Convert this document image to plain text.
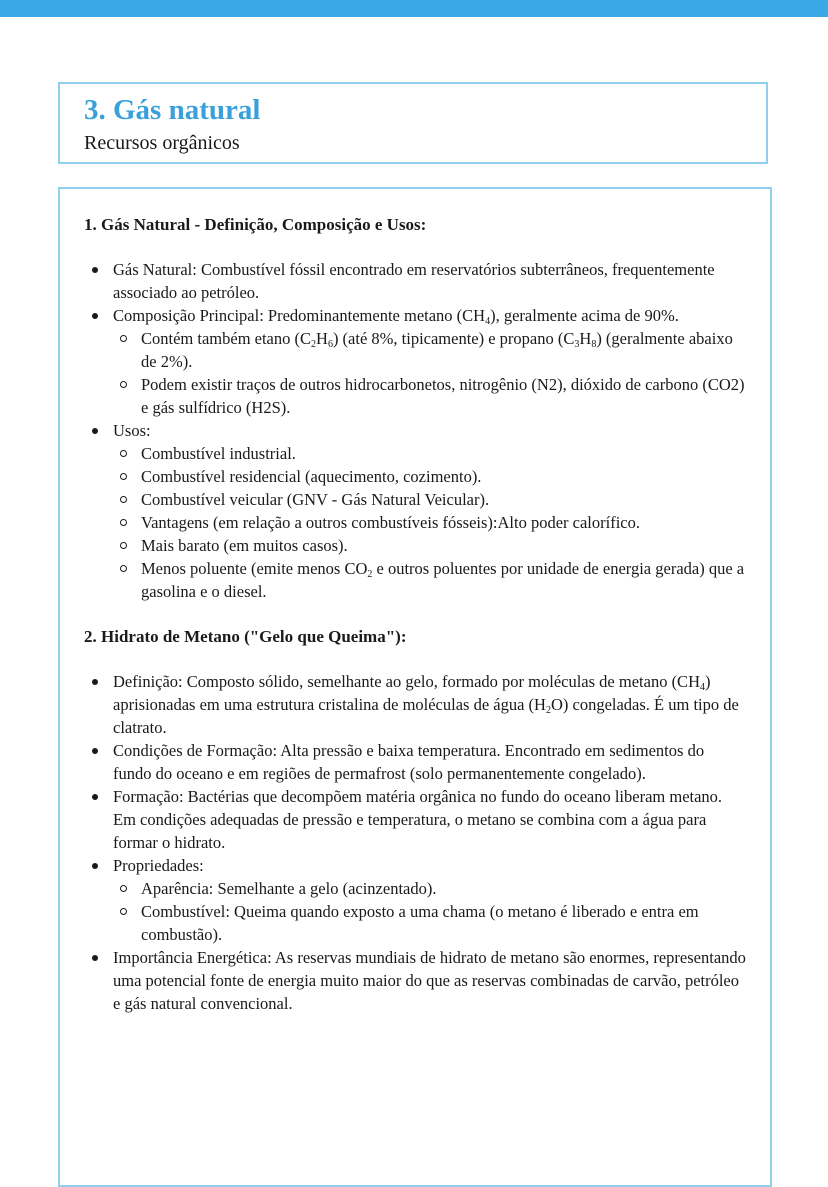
3. Gás natural
Recursos orgânicos
1. Gás Natural - Definição, Composição e Usos:
Gás Natural: Combustível fóssil encontrado em reservatórios subterrâneos, frequentemente associado ao petróleo.
Composição Principal: Predominantemente metano $(CH_4)$, geralmente acima de 90%.
Contém também etano $(C_2H_6)$ (até 8%, tipicamente) e propano $(C_3H_8)$ (geralmente abaixo de 2%).
Podem existir traços de outros hidrocarbonetos, nitrogênio (N2), dióxido de carbono (CO2) e gás sulfídrico (H2S).
Usos:
Combustível industrial.
Combustível residencial (aquecimento, cozimento).
Combustível veicular (GNV - Gás Natural Veicular).
Vantagens (em relação a outros combustíveis fósseis):Alto poder calorífico.
Mais barato (em muitos casos).
Menos poluente (emite menos $CO_2$ e outros poluentes por unidade de energia gerada) que a gasolina e o diesel.
2. Hidrato de Metano ("Gelo que Queima"):
Definição: Composto sólido, semelhante ao gelo, formado por moléculas de metano $(CH_4)$ aprisionadas em uma estrutura cristalina de moléculas de água $(H_2O)$ congeladas. É um tipo de clatrato.
Condições de Formação: Alta pressão e baixa temperatura. Encontrado em sedimentos do fundo do oceano e em regiões de permafrost (solo permanentemente congelado).
Formação: Bactérias que decompõem matéria orgânica no fundo do oceano liberam metano. Em condições adequadas de pressão e temperatura, o metano se combina com a água para formar o hidrato.
Propriedades:
Aparência: Semelhante a gelo (acinzentado).
Combustível: Queima quando exposto a uma chama (o metano é liberado e entra em combustão).
Importância Energética: As reservas mundiais de hidrato de metano são enormes, representando uma potencial fonte de energia muito maior do que as reservas combinadas de carvão, petróleo e gás natural convencional.
